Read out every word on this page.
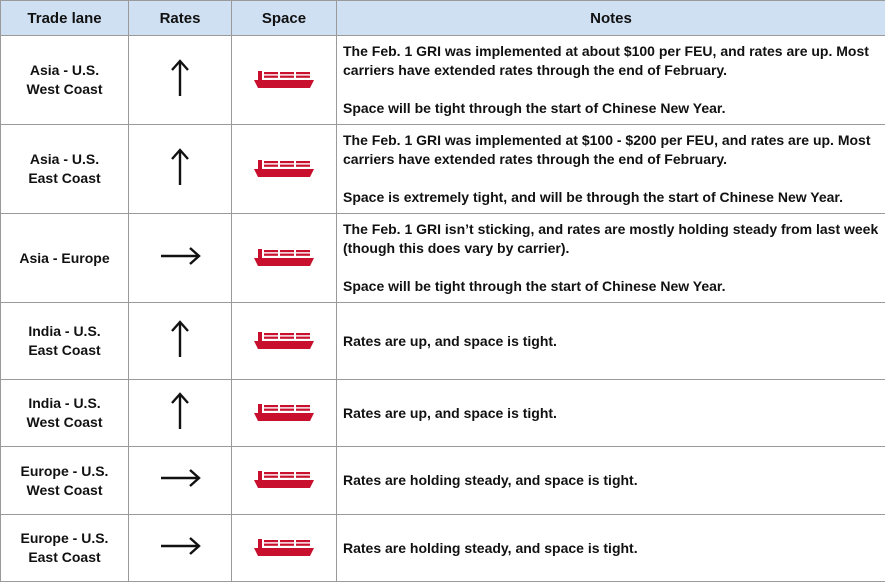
Trade lane	Rates	Space	Notes

Asia - U.S.
West Coast			The Feb. 1 GRI was implemented at about $100 per FEU, and rates are up. Most carriers have extended rates through the end of February.
Space will be tight through the start of Chinese New Year.

Asia - U.S.
East Coast			The Feb. 1 GRI was implemented at $100 - $200 per FEU, and rates are up. Most carriers have extended rates through the end of February.
Space is extremely tight, and will be through the start of Chinese New Year.

Asia - Europe			The Feb. 1 GRI isn’t sticking, and rates are mostly holding steady from last week (though this does vary by carrier).
Space will be tight through the start of Chinese New Year.

India - U.S.
East Coast			Rates are up, and space is tight.

India - U.S.
West Coast			Rates are up, and space is tight.

Europe - U.S.
West Coast			Rates are holding steady, and space is tight.

Europe - U.S.
East Coast			Rates are holding steady, and space is tight.
